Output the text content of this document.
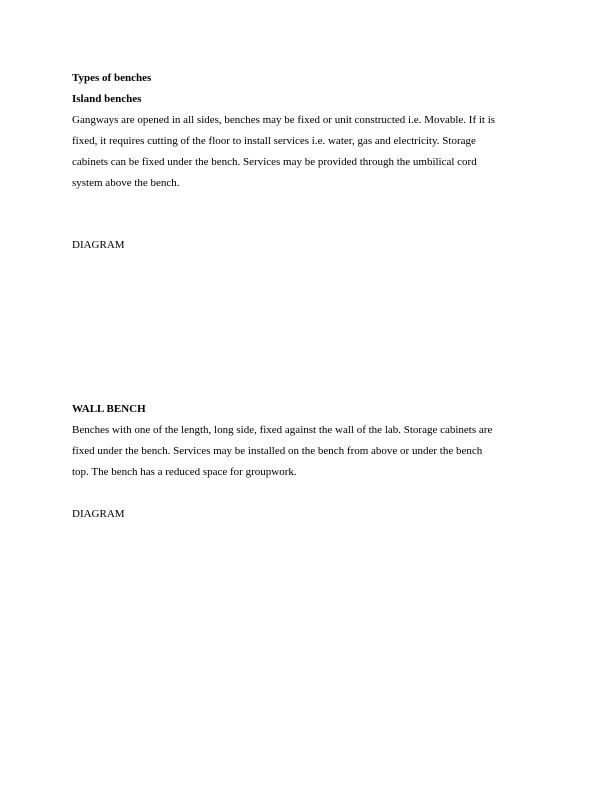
Types of benches
Island benches
Gangways are opened in all sides, benches may be fixed or unit constructed i.e. Movable. If it is
fixed, it requires cutting of the floor to install services i.e. water, gas and electricity. Storage
cabinets can be fixed under the bench. Services may be provided through the umbilical cord
system above the bench.
DIAGRAM
WALL BENCH
Benches with one of the length, long side, fixed against the wall of the lab. Storage cabinets are
fixed under the bench. Services may be installed on the bench from above or under the bench
top. The bench has a reduced space for groupwork.
DIAGRAM
